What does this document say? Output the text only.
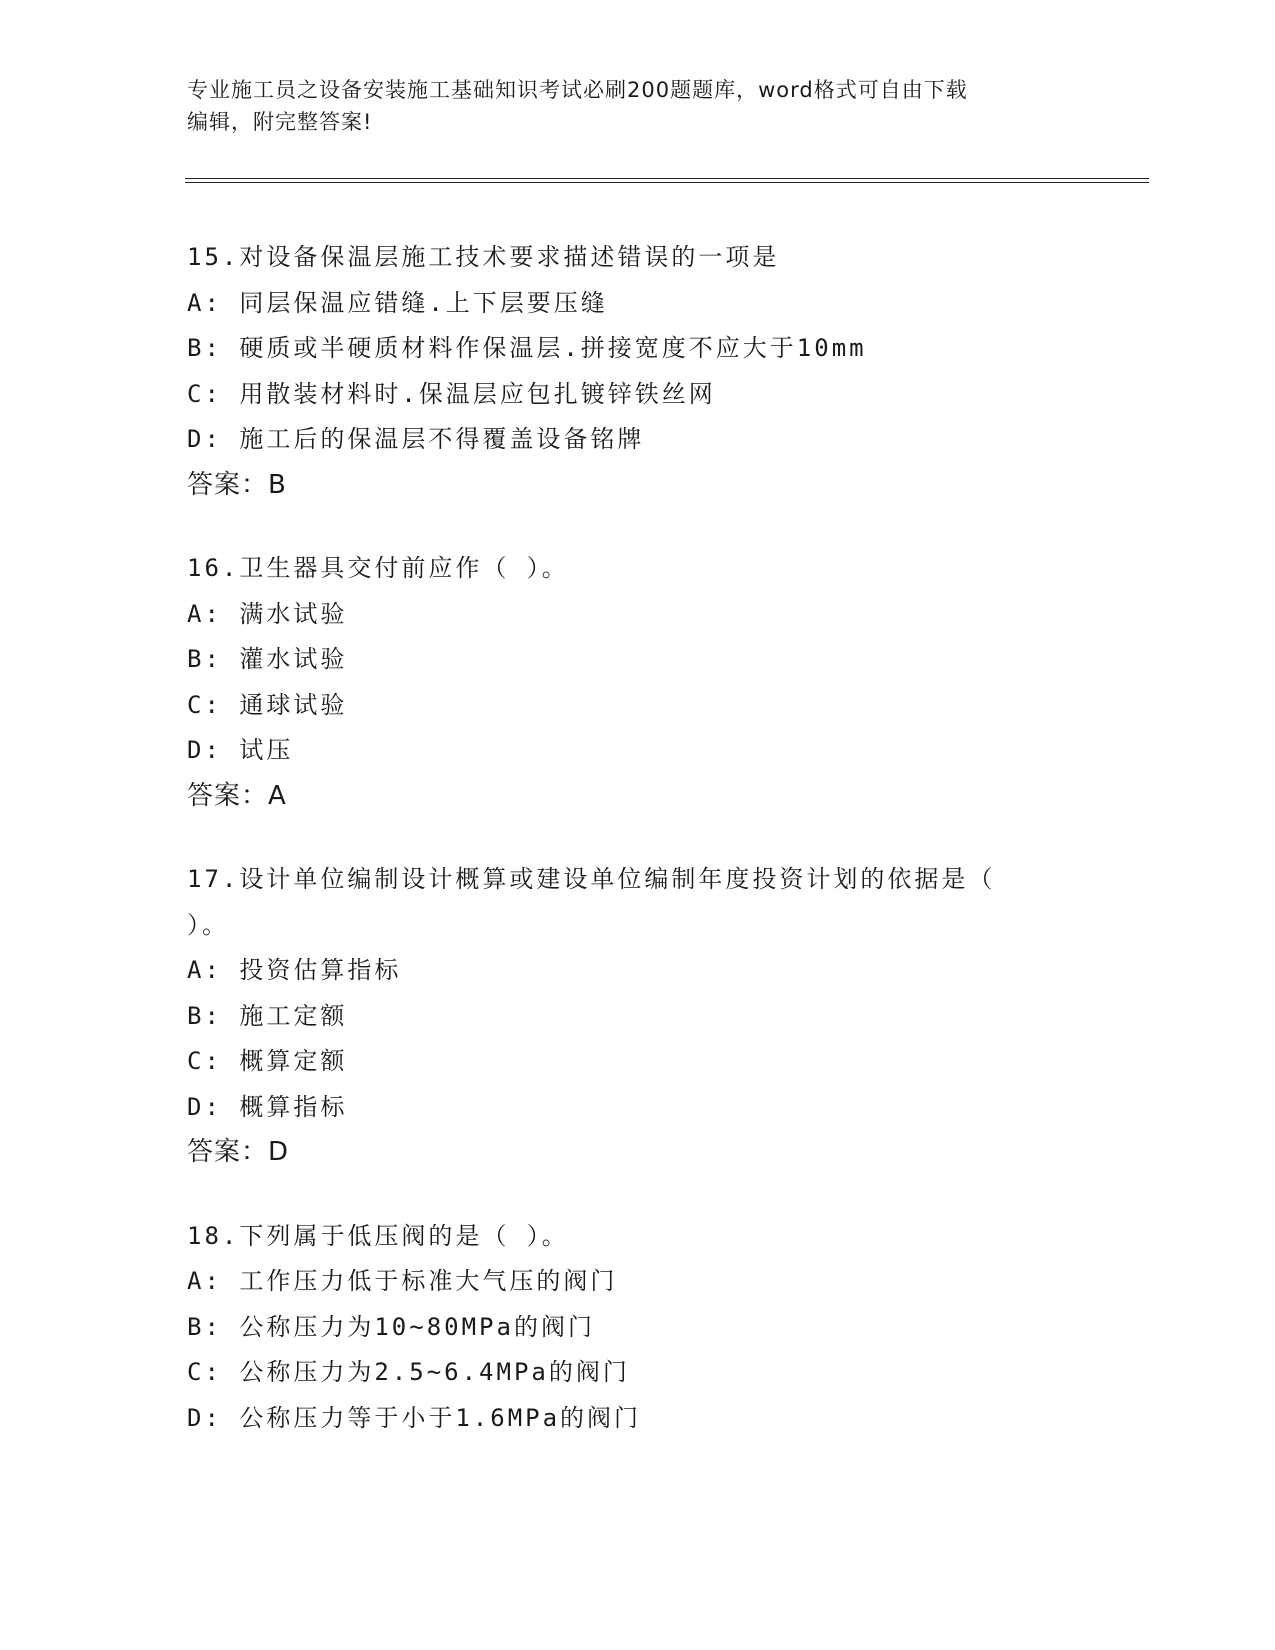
专业施工员之设备安装施工基础知识考试必刷200题题库，word格式可自由下载
编辑，附完整答案!
15.对设备保温层施工技术要求描述错误的一项是
A: 同层保温应错缝.上下层要压缝
B: 硬质或半硬质材料作保温层.拼接宽度不应大于10mm
C: 用散装材料时.保温层应包扎镀锌铁丝网
D: 施工后的保温层不得覆盖设备铭牌
答案：B
16.卫生器具交付前应作（ ）。
A: 满水试验
B: 灌水试验
C: 通球试验
D: 试压
答案：A
17.设计单位编制设计概算或建设单位编制年度投资计划的依据是（
）。
A: 投资估算指标
B: 施工定额
C: 概算定额
D: 概算指标
答案：D
18.下列属于低压阀的是（ ）。
A: 工作压力低于标准大气压的阀门
B: 公称压力为10~80MPa的阀门
C: 公称压力为2.5~6.4MPa的阀门
D: 公称压力等于小于1.6MPa的阀门
